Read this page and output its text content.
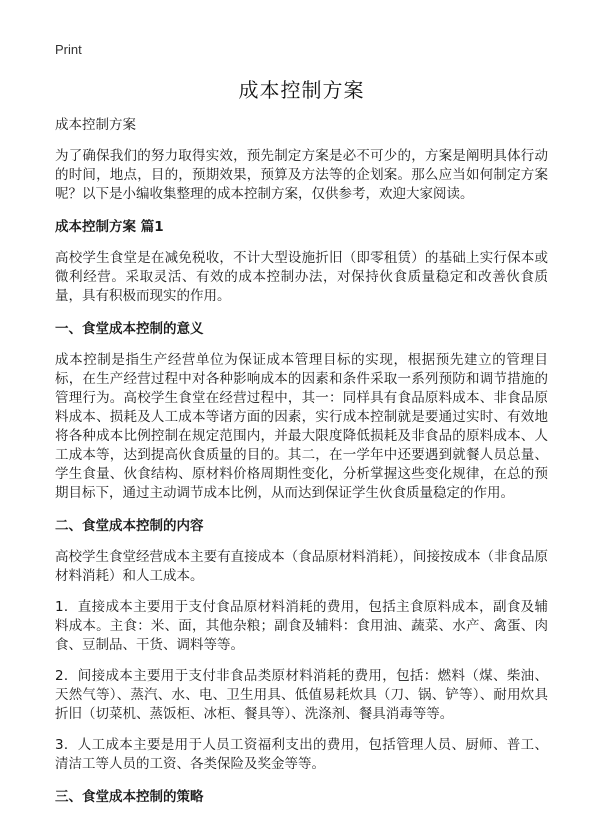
Print
成本控制方案
成本控制方案

为了确保我们的努力取得实效，预先制定方案是必不可少的，方案是阐明具体行动的时间，地点，目的，预期效果，预算及方法等的企划案。那么应当如何制定方案呢？以下是小编收集整理的成本控制方案，仅供参考，欢迎大家阅读。

成本控制方案 篇1

高校学生食堂是在减免税收，不计大型设施折旧（即零租赁）的基础上实行保本或微利经营。采取灵活、有效的成本控制办法，对保持伙食质量稳定和改善伙食质量，具有积极而现实的作用。

一、食堂成本控制的意义

成本控制是指生产经营单位为保证成本管理目标的实现，根据预先建立的管理目标，在生产经营过程中对各种影响成本的因素和条件采取一系列预防和调节措施的管理行为。高校学生食堂在经营过程中，其一：同样具有食品原料成本、非食品原料成本、损耗及人工成本等诸方面的因素，实行成本控制就是要通过实时、有效地将各种成本比例控制在规定范围内，并最大限度降低损耗及非食品的原料成本、人工成本等，达到提高伙食质量的目的。其二，在一学年中还要遇到就餐人员总量、学生食量、伙食结构、原材料价格周期性变化，分析掌握这些变化规律，在总的预期目标下，通过主动调节成本比例，从而达到保证学生伙食质量稳定的作用。

二、食堂成本控制的内容

高校学生食堂经营成本主要有直接成本（食品原材料消耗），间接按成本（非食品原材料消耗）和人工成本。

1．直接成本主要用于支付食品原材料消耗的费用，包括主食原料成本，副食及辅料成本。主食：米、面，其他杂粮；副食及辅料：食用油、蔬菜、水产、禽蛋、肉食、豆制品、干货、调料等等。

2．间接成本主要用于支付非食品类原材料消耗的费用，包括：燃料（煤、柴油、天然气等）、蒸汽、水、电、卫生用具、低值易耗炊具（刀、锅、铲等）、耐用炊具折旧（切菜机、蒸饭柜、冰柜、餐具等）、洗涤剂、餐具消毒等等。

3．人工成本主要是用于人员工资福利支出的费用，包括管理人员、厨师、普工、清洁工等人员的工资、各类保险及奖金等等。

三、食堂成本控制的策略
